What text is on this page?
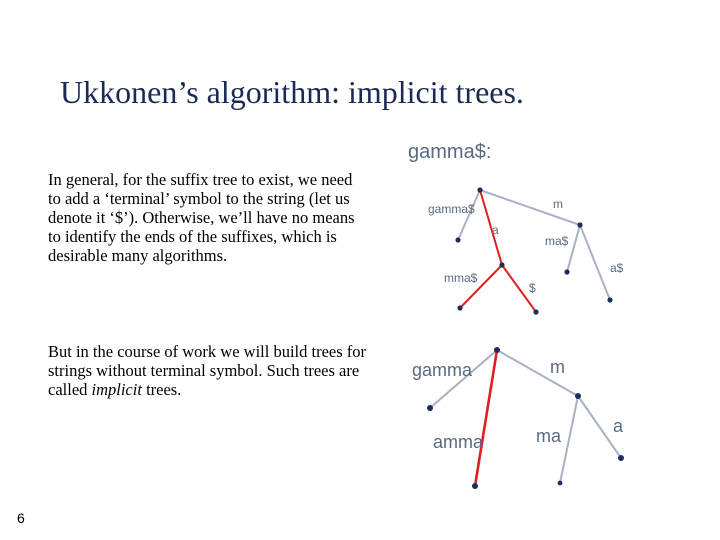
Ukkonen’s algorithm: implicit trees.
In general, for the suffix tree to exist, we need to add a ‘terminal’ symbol to the string (let us denote it ‘$’). Otherwise, we’ll have no means to identify the ends of the suffixes, which is desirable many algorithms.
But in the course of work we will build trees for strings without terminal symbol. Such trees are called implicit trees.
6
gamma$:
gamma$	m
a
ma$
a$
mma$
$
gamma	m
amma	ma	a
